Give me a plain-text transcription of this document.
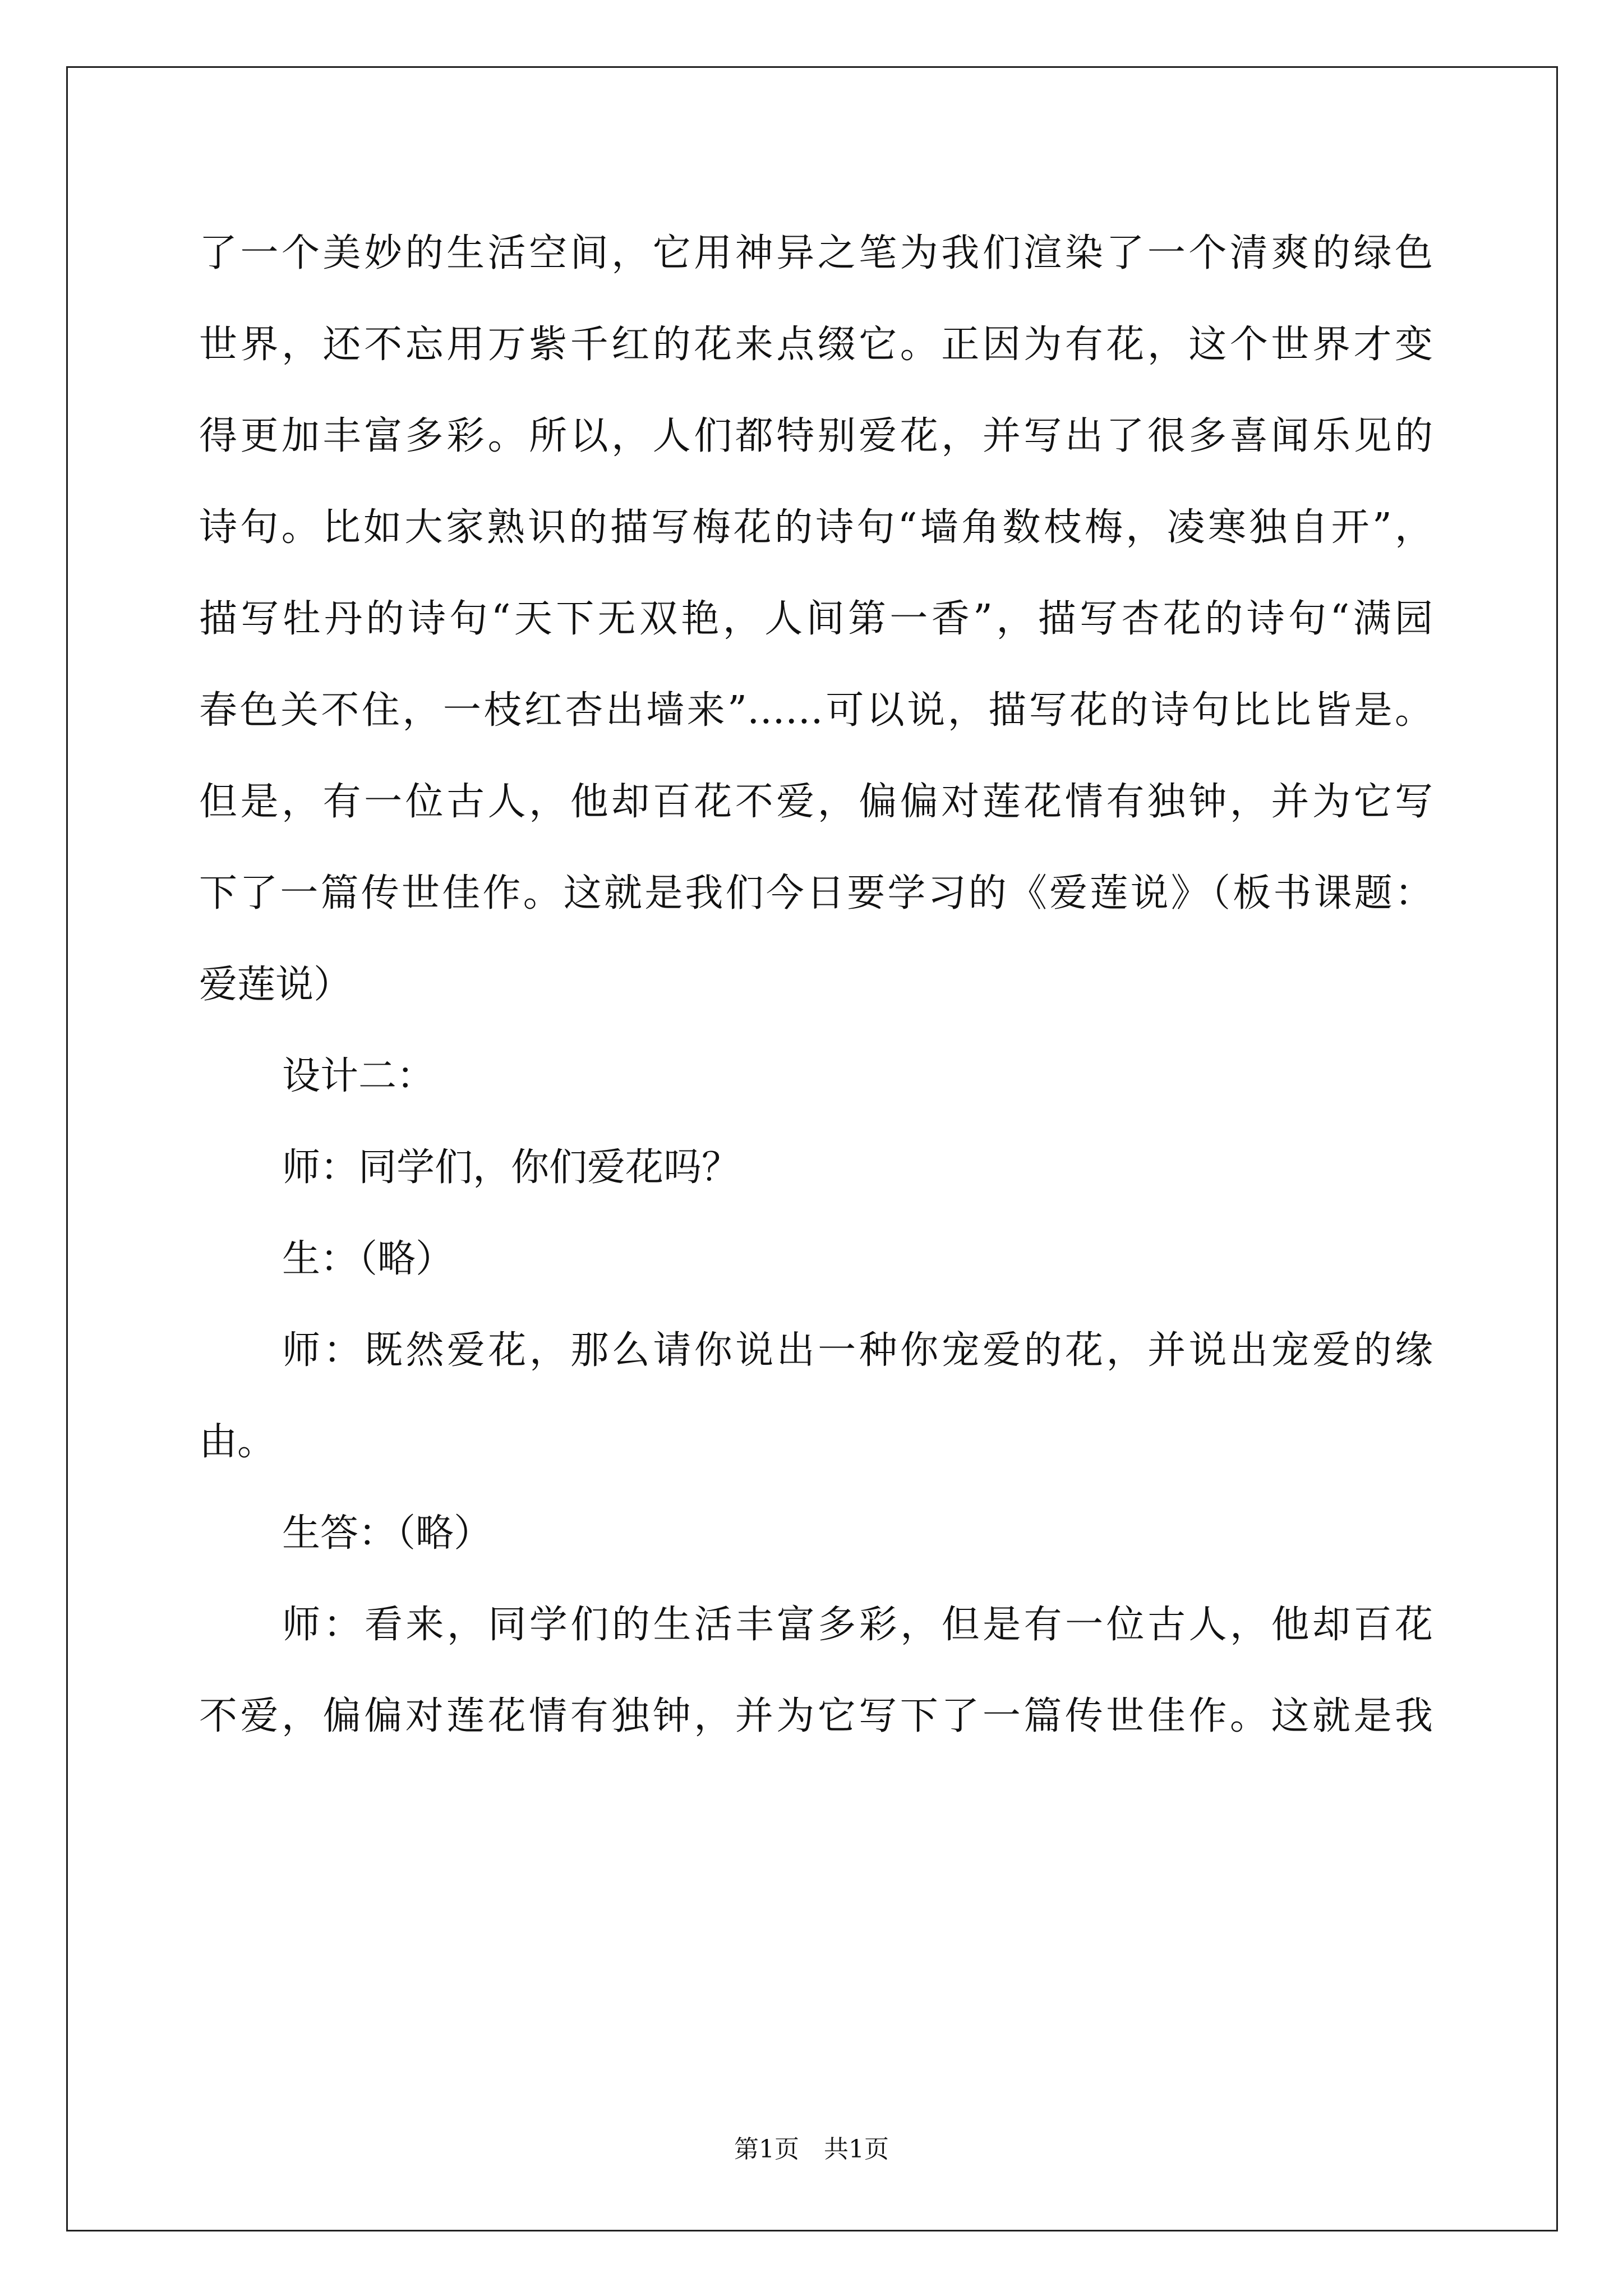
了一个美妙的生活空间，它用神异之笔为我们渲染了一个清爽的绿色
世界，还不忘用万紫千红的花来点缀它。正因为有花，这个世界才变
得更加丰富多彩。所以，人们都特别爱花，并写出了很多喜闻乐见的
诗句。比如大家熟识的描写梅花的诗句“墙角数枝梅，凌寒独自开”，
描写牡丹的诗句“天下无双艳，人间第一香”，描写杏花的诗句“满园
春色关不住，一枝红杏出墙来”……可以说，描写花的诗句比比皆是。
但是，有一位古人，他却百花不爱，偏偏对莲花情有独钟，并为它写
下了一篇传世佳作。这就是我们今日要学习的《爱莲说》（板书课题：
爱莲说）
设计二：
师：同学们，你们爱花吗？
生：（略）
师：既然爱花，那么请你说出一种你宠爱的花，并说出宠爱的缘
由。
生答：（略）
师：看来，同学们的生活丰富多彩，但是有一位古人，他却百花
不爱，偏偏对莲花情有独钟，并为它写下了一篇传世佳作。这就是我
第1页　共1页
